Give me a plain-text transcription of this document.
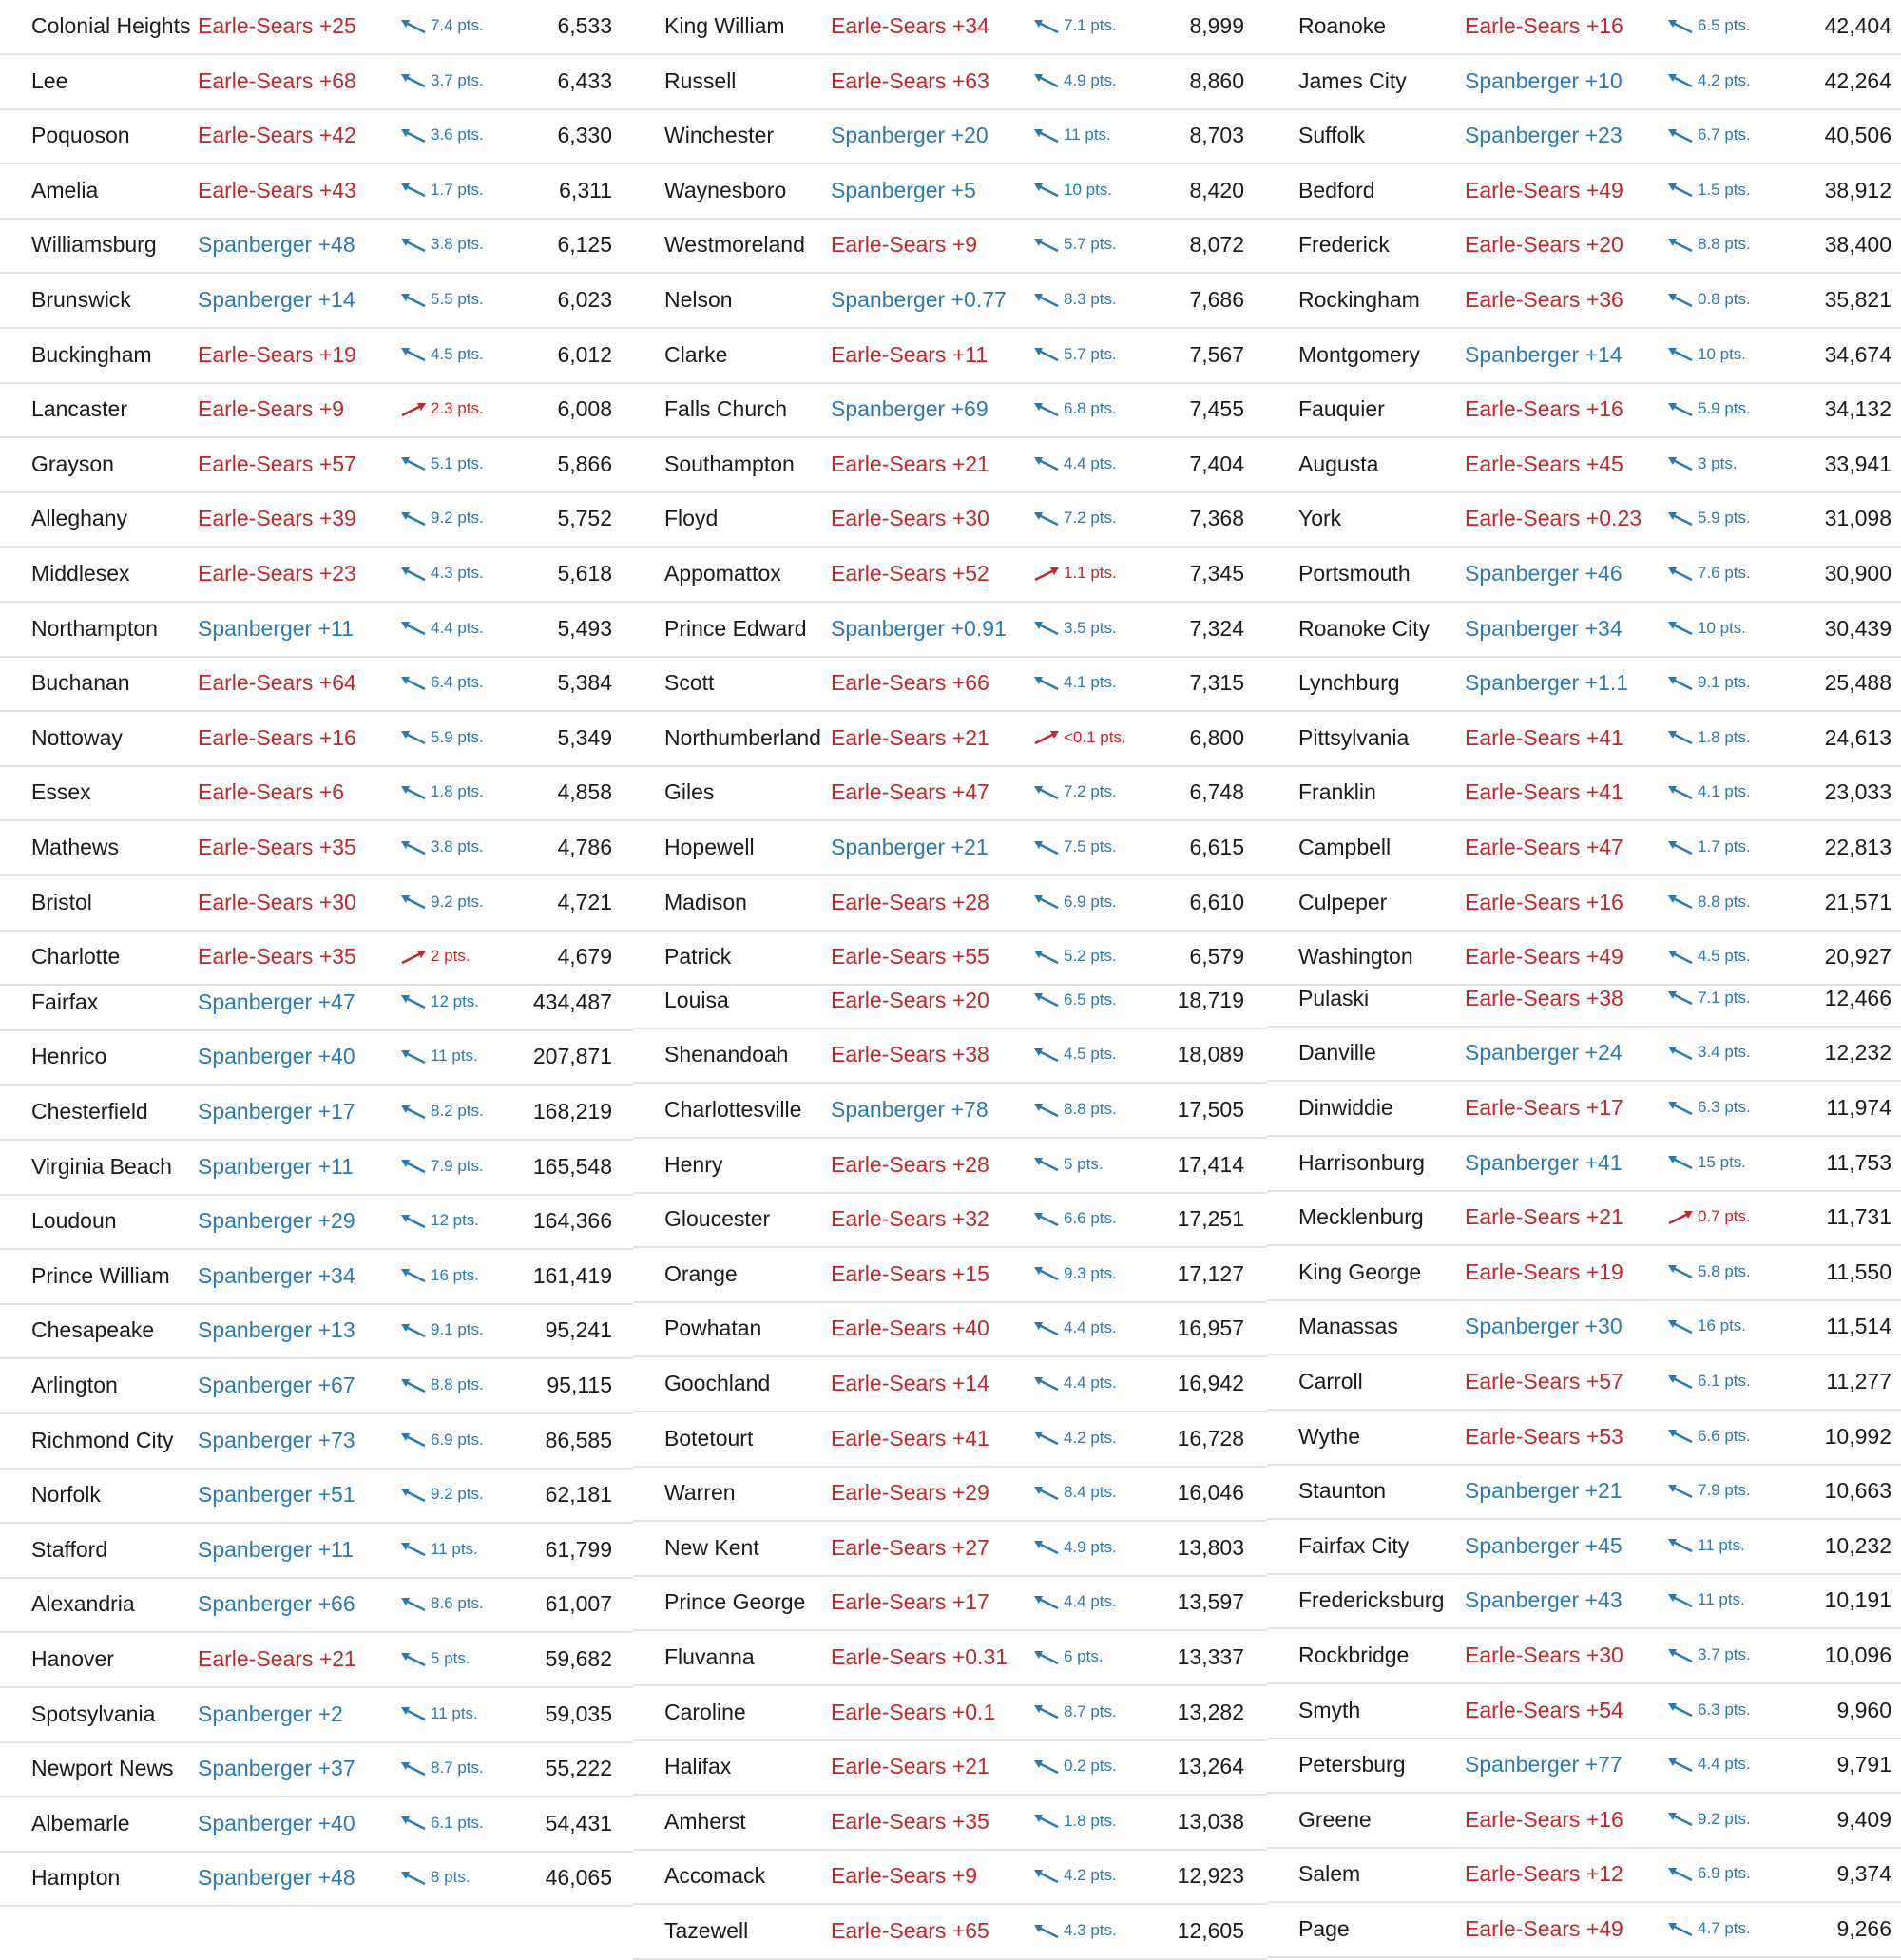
Colonial Heights Earle-Sears +25	7.4 pts.	6,533
Lee	Earle-Sears +68	3.7 pts.	6,433
Poquoson	Earle-Sears +42	3.6 pts.	6,330
Amelia	Earle-Sears +43	1.7 pts.	6,311
Williamsburg Spanberger +48	3.8 pts.	6,125
Brunswick	Spanberger +14	5.5 pts.	6,023
Buckingham Earle-Sears +19	4.5 pts.	6,012
Lancaster	Earle-Sears +9	2.3 pts.	6,008
Grayson	Earle-Sears +57	5.1 pts.	5,866
Alleghany	Earle-Sears +39	9.2 pts.	5,752
Middlesex	Earle-Sears +23	4.3 pts.	5,618
Northampton Spanberger +11	4.4 pts.	5,493
Buchanan	Earle-Sears +64	6.4 pts.	5,384
Nottoway	Earle-Sears +16	5.9 pts.	5,349
Essex	Earle-Sears +6	1.8 pts.	4,858
Mathews	Earle-Sears +35	3.8 pts.	4,786
Bristol	Earle-Sears +30	9.2 pts.	4,721
Charlotte	Earle-Sears +35	2 pts.	4,679
Fairfax	Spanberger +47	12 pts.	434,487
Henrico	Spanberger +40	11 pts.	207,871
Chesterfield Spanberger +17	8.2 pts.	168,219
Virginia Beach Spanberger +11	7.9 pts.	165,548
Loudoun	Spanberger +29	12 pts.	164,366
Prince William Spanberger +34	16 pts.	161,419
Chesapeake Spanberger +13	9.1 pts.	95,241
Arlington	Spanberger +67	8.8 pts.	95,115
Richmond City Spanberger +73	6.9 pts.	86,585
Norfolk	Spanberger +51	9.2 pts.	62,181
Stafford	Spanberger +11	11 pts.	61,799
Alexandria	Spanberger +66	8.6 pts.	61,007
Hanover	Earle-Sears +21	5 pts.	59,682
Spotsylvania Spanberger +2	11 pts.	59,035
Newport News Spanberger +37	8.7 pts.	55,222
Albemarle	Spanberger +40	6.1 pts.	54,431
Hampton	Spanberger +48	8 pts.	46,065
King William Earle-Sears +34	7.1 pts.	8,999
Russell	Earle-Sears +63	4.9 pts.	8,860
Winchester	Spanberger +20	11 pts.	8,703
Waynesboro Spanberger +5	10 pts.	8,420
Westmoreland Earle-Sears +9	5.7 pts.	8,072
Nelson	Spanberger +0.77	8.3 pts.	7,686
Clarke	Earle-Sears +11	5.7 pts.	7,567
Falls Church Spanberger +69	6.8 pts.	7,455
Southampton Earle-Sears +21	4.4 pts.	7,404
Floyd	Earle-Sears +30	7.2 pts.	7,368
Appomattox Earle-Sears +52	1.1 pts.	7,345
Prince Edward Spanberger +0.91	3.5 pts.	7,324
Scott	Earle-Sears +66	4.1 pts.	7,315
Northumberland Earle-Sears +21	<0.1 pts.	6,800
Giles	Earle-Sears +47	7.2 pts.	6,748
Hopewell	Spanberger +21	7.5 pts.	6,615
Madison	Earle-Sears +28	6.9 pts.	6,610
Patrick	Earle-Sears +55	5.2 pts.	6,579
Louisa	Earle-Sears +20	6.5 pts.	18,719
Shenandoah Earle-Sears +38	4.5 pts.	18,089
Charlottesville Spanberger +78	8.8 pts.	17,505
Henry	Earle-Sears +28	5 pts.	17,414
Gloucester	Earle-Sears +32	6.6 pts.	17,251
Orange	Earle-Sears +15	9.3 pts.	17,127
Powhatan	Earle-Sears +40	4.4 pts.	16,957
Goochland	Earle-Sears +14	4.4 pts.	16,942
Botetourt	Earle-Sears +41	4.2 pts.	16,728
Warren	Earle-Sears +29	8.4 pts.	16,046
New Kent	Earle-Sears +27	4.9 pts.	13,803
Prince George Earle-Sears +17	4.4 pts.	13,597
Fluvanna	Earle-Sears +0.31	6 pts.	13,337
Caroline	Earle-Sears +0.1	8.7 pts.	13,282
Halifax	Earle-Sears +21	0.2 pts.	13,264
Amherst	Earle-Sears +35	1.8 pts.	13,038
Accomack	Earle-Sears +9	4.2 pts.	12,923
Tazewell	Earle-Sears +65	4.3 pts.	12,605
Roanoke	Earle-Sears +16	6.5 pts.	42,404
James City	Spanberger +10	4.2 pts.	42,264
Suffolk	Spanberger +23	6.7 pts.	40,506
Bedford	Earle-Sears +49	1.5 pts.	38,912
Frederick	Earle-Sears +20	8.8 pts.	38,400
Rockingham Earle-Sears +36	0.8 pts.	35,821
Montgomery Spanberger +14	10 pts.	34,674
Fauquier	Earle-Sears +16	5.9 pts.	34,132
Augusta	Earle-Sears +45	3 pts.	33,941
York	Earle-Sears +0.23	5.9 pts.	31,098
Portsmouth Spanberger +46	7.6 pts.	30,900
Roanoke City Spanberger +34	10 pts.	30,439
Lynchburg	Spanberger +1.1	9.1 pts.	25,488
Pittsylvania	Earle-Sears +41	1.8 pts.	24,613
Franklin	Earle-Sears +41	4.1 pts.	23,033
Campbell	Earle-Sears +47	1.7 pts.	22,813
Culpeper	Earle-Sears +16	8.8 pts.	21,571
Washington Earle-Sears +49	4.5 pts.	20,927
Pulaski	Earle-Sears +38	7.1 pts.	12,466
Danville	Spanberger +24	3.4 pts.	12,232
Dinwiddie	Earle-Sears +17	6.3 pts.	11,974
Harrisonburg Spanberger +41	15 pts.	11,753
Mecklenburg Earle-Sears +21	0.7 pts.	11,731
King George Earle-Sears +19	5.8 pts.	11,550
Manassas	Spanberger +30	16 pts.	11,514
Carroll	Earle-Sears +57	6.1 pts.	11,277
Wythe	Earle-Sears +53	6.6 pts.	10,992
Staunton	Spanberger +21	7.9 pts.	10,663
Fairfax City	Spanberger +45	11 pts.	10,232
Fredericksburg Spanberger +43	11 pts.	10,191
Rockbridge	Earle-Sears +30	3.7 pts.	10,096
Smyth	Earle-Sears +54	6.3 pts.	9,960
Petersburg	Spanberger +77	4.4 pts.	9,791
Greene	Earle-Sears +16	9.2 pts.	9,409
Salem	Earle-Sears +12	6.9 pts.	9,374
Page	Earle-Sears +49	4.7 pts.	9,266
